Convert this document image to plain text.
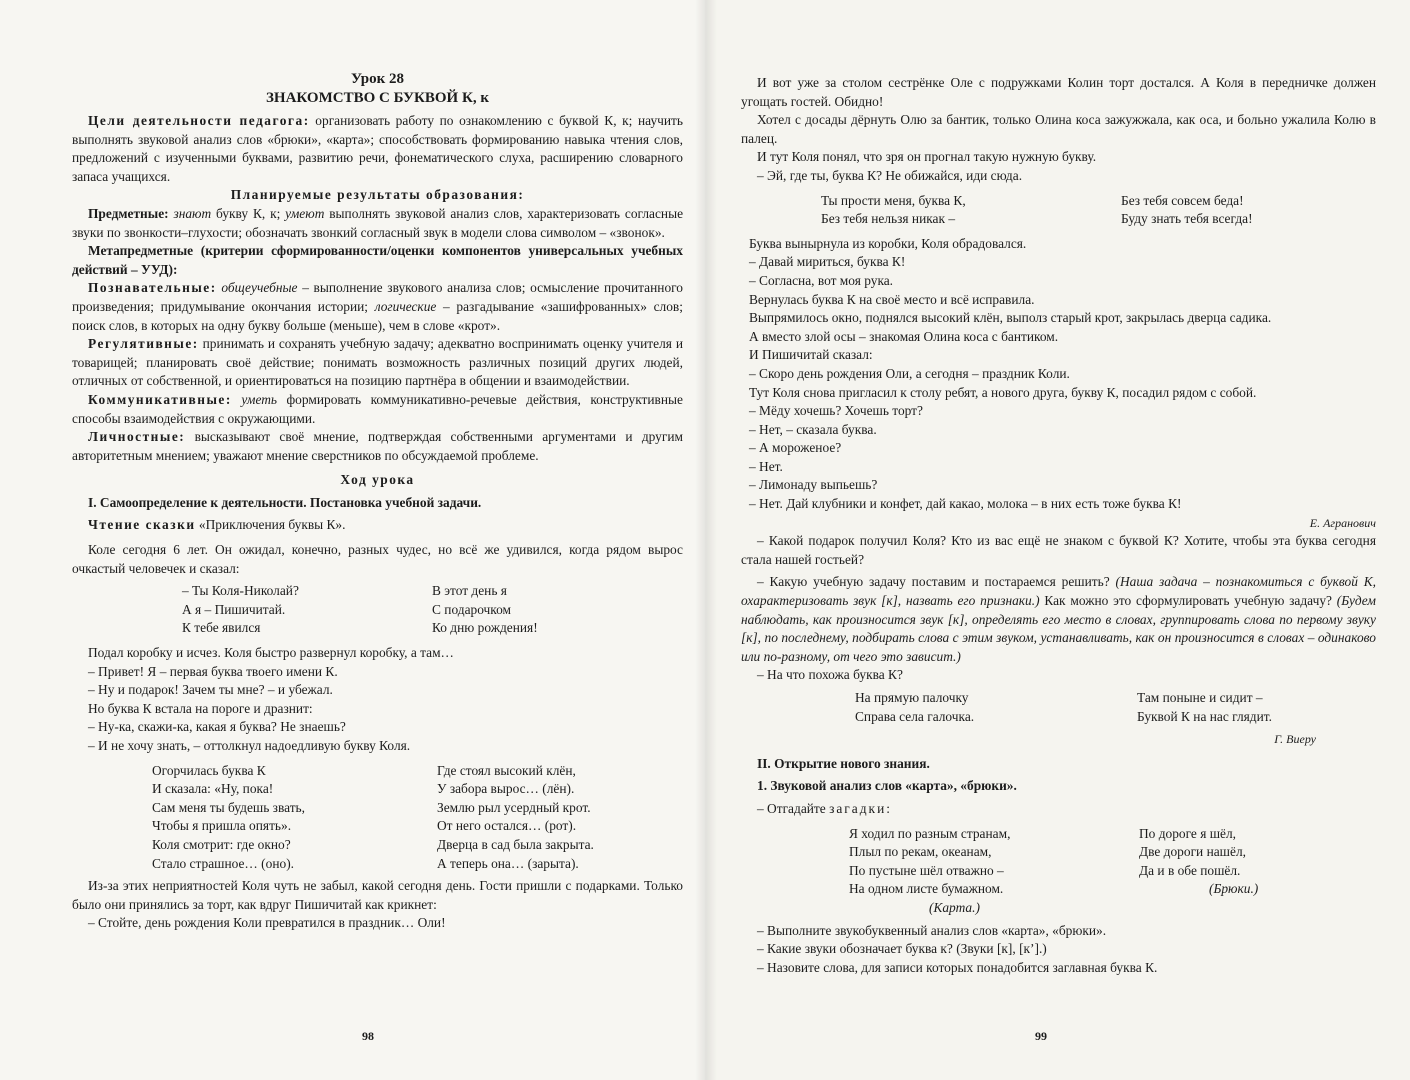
Урок 28

ЗНАКОМСТВО С БУКВОЙ К, к

Цели деятельности педагога: организовать работу по ознакомлению с буквой К, к; научить выполнять звуковой анализ слов «брюки», «карта»; способствовать формированию навыка чтения слов, предложений с изученными буквами, развитию речи, фонематического слуха, расширению словарного запаса учащихся.

Планируемые результаты образования:

Предметные: знают букву К, к; умеют выполнять звуковой анализ слов, характеризовать согласные звуки по звонкости–глухости; обозначать звонкий согласный звук в модели слова символом – «звонок».

Метапредметные (критерии сформированности/оценки компонентов универсальных учебных действий – УУД):

Познавательные: общеучебные – выполнение звукового анализа слов; осмысление прочитанного произведения; придумывание окончания истории; логические – разгадывание «зашифрованных» слов; поиск слов, в которых на одну букву больше (меньше), чем в слове «крот».

Регулятивные: принимать и сохранять учебную задачу; адекватно воспринимать оценку учителя и товарищей; планировать своё действие; понимать возможность различных позиций других людей, отличных от собственной, и ориентироваться на позицию партнёра в общении и взаимодействии.

Коммуникативные: уметь формировать коммуникативно-речевые действия, конструктивные способы взаимодействия с окружающими.

Личностные: высказывают своё мнение, подтверждая собственными аргументами и другим авторитетным мнением; уважают мнение сверстников по обсуждаемой проблеме.

Ход урока

I. Самоопределение к деятельности. Постановка учебной задачи.

Чтение сказки «Приключения буквы К».

Коле сегодня 6 лет. Он ожидал, конечно, разных чудес, но всё же удивился, когда рядом вырос очкастый человечек и сказал:

– Ты Коля-Николай?
А я – Пишичитай.
К тебе явился
В этот день я
С подарочком
Ко дню рождения!
Подал коробку и исчез. Коля быстро развернул коробку, а там…
– Привет! Я – первая буква твоего имени К.
– Ну и подарок! Зачем ты мне? – и убежал.
Но буква К встала на пороге и дразнит:
– Ну-ка, скажи-ка, какая я буква? Не знаешь?
– И не хочу знать, – оттолкнул надоедливую букву Коля.
Огорчилась буква К
И сказала: «Ну, пока!
Сам меня ты будешь звать,
Чтобы я пришла опять».
Коля смотрит: где окно?
Стало страшное… (оно).
Где стоял высокий клён,
У забора вырос… (лён).
Землю рыл усердный крот.
От него остался… (рот).
Дверца в сад была закрыта.
А теперь она… (зарыта).

Из-за этих неприятностей Коля чуть не забыл, какой сегодня день. Гости пришли с подарками. Только было они принялись за торт, как вдруг Пишичитай как крикнет:

– Стойте, день рождения Коли превратился в праздник… Оли!

98

И вот уже за столом сестрёнке Оле с подружками Колин торт достался. А Коля в передничке должен угощать гостей. Обидно!

Хотел с досады дёрнуть Олю за бантик, только Олина коса зажужжала, как оса, и больно ужалила Колю в палец.

И тут Коля понял, что зря он прогнал такую нужную букву.

– Эй, где ты, буква К? Не обижайся, иди сюда.

Ты прости меня, буква К,
Без тебя нельзя никак –
Без тебя совсем беда!
Буду знать тебя всегда!
Буква вынырнула из коробки, Коля обрадовался.
– Давай мириться, буква К!
– Согласна, вот моя рука.
Вернулась буква К на своё место и всё исправила.
Выпрямилось окно, поднялся высокий клён, выполз старый крот, закрылась дверца садика.
А вместо злой осы – знакомая Олина коса с бантиком.
И Пишичитай сказал:
– Скоро день рождения Оли, а сегодня – праздник Коли.
Тут Коля снова пригласил к столу ребят, а нового друга, букву К, посадил рядом с собой.
– Мёду хочешь? Хочешь торт?
– Нет, – сказала буква.
– А мороженое?
– Нет.
– Лимонаду выпьешь?
– Нет. Дай клубники и конфет, дай какао, молока – в них есть тоже буква К!

Е. Агранович

– Какой подарок получил Коля? Кто из вас ещё не знаком с буквой К? Хотите, чтобы эта буква сегодня стала нашей гостьей?

– Какую учебную задачу поставим и постараемся решить? (Наша задача – познакомиться с буквой К, охарактеризовать звук [к], назвать его признаки.) Как можно это сформулировать учебную задачу? (Будем наблюдать, как произносится звук [к], определять его место в словах, группировать слова по первому звуку [к], по последнему, подбирать слова с этим звуком, устанавливать, как он произносится в словах – одинаково или по-разному, от чего это зависит.)

– На что похожа буква К?

На прямую палочку
Справа села галочка.
Там поныне и сидит –
Буквой К на нас глядит.

Г. Виеру

II. Открытие нового знания.

1. Звуковой анализ слов «карта», «брюки».

– Отгадайте загадки:

Я ходил по разным странам,
Плыл по рекам, океанам,
По пустыне шёл отважно –
На одном листе бумажном.
(Карта.)
По дороге я шёл,
Две дороги нашёл,
Да и в обе пошёл.
(Брюки.)
– Выполните звукобуквенный анализ слов «карта», «брюки».
– Какие звуки обозначает буква к? (Звуки [к], [к’].)
– Назовите слова, для записи которых понадобится заглавная буква К.
99
